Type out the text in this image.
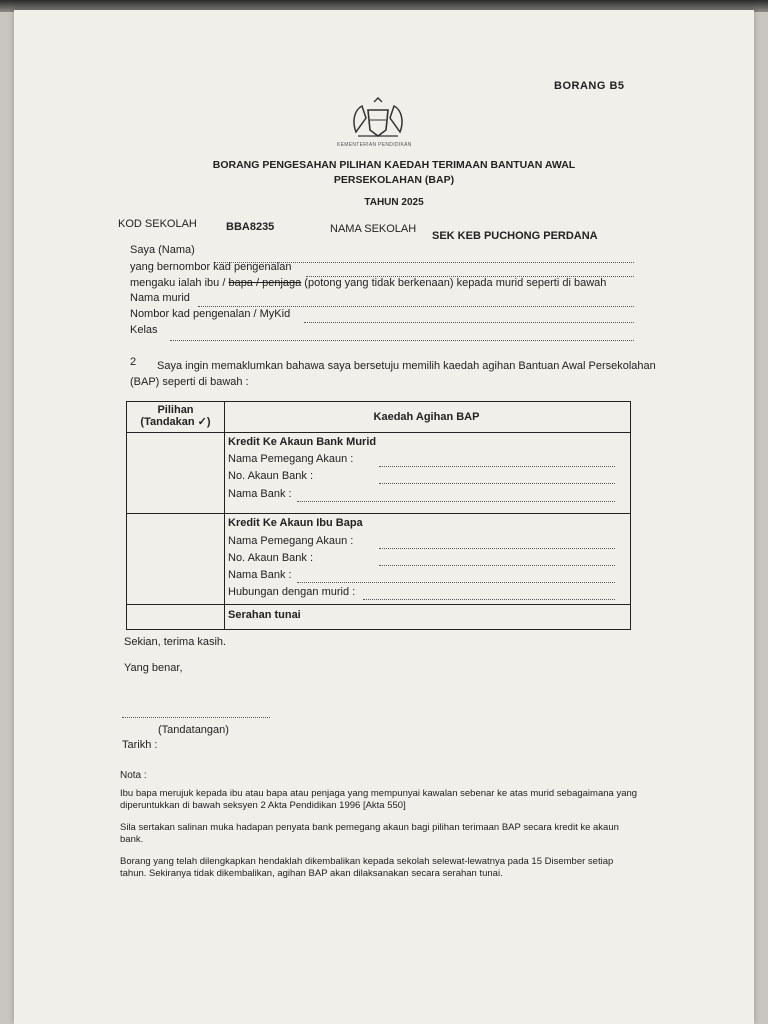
BORANG B5
KEMENTERIAN PENDIDIKAN
BORANG PENGESAHAN PILIHAN KAEDAH TERIMAAN BANTUAN AWAL
PERSEKOLAHAN (BAP)
TAHUN 2025
KOD SEKOLAH	BBA8235	NAMA SEKOLAH
SEK KEB PUCHONG PERDANA
Saya (Nama)
yang bernombor kad pengenalan
mengaku ialah ibu / bapa / penjaga (potong yang tidak berkenaan) kepada murid seperti di bawah
Nama murid
Nombor kad pengenalan / MyKid
Kelas
2 Saya ingin memaklumkan bahawa saya bersetuju memilih kaedah agihan Bantuan Awal Persekolahan
(BAP) seperti di bawah :
Pilihan
(Tandakan ✓)	Kaedah Agihan BAP
Kredit Ke Akaun Bank Murid
Nama Pemegang Akaun :
No. Akaun Bank :
Nama Bank :
Kredit Ke Akaun Ibu Bapa
Nama Pemegang Akaun :
No. Akaun Bank :
Nama Bank :
Hubungan dengan murid :
Serahan tunai
Sekian, terima kasih.
Yang benar,
(Tandatangan)
Tarikh :
Nota :
Ibu bapa merujuk kepada ibu atau bapa atau penjaga yang mempunyai kawalan sebenar ke atas murid sebagaimana yang diperuntukkan di bawah seksyen 2 Akta Pendidikan 1996 [Akta 550]
Sila sertakan salinan muka hadapan penyata bank pemegang akaun bagi pilihan terimaan BAP secara kredit ke akaun bank.
Borang yang telah dilengkapkan hendaklah dikembalikan kepada sekolah selewat-lewatnya pada 15 Disember setiap tahun. Sekiranya tidak dikembalikan, agihan BAP akan dilaksanakan secara serahan tunai.
